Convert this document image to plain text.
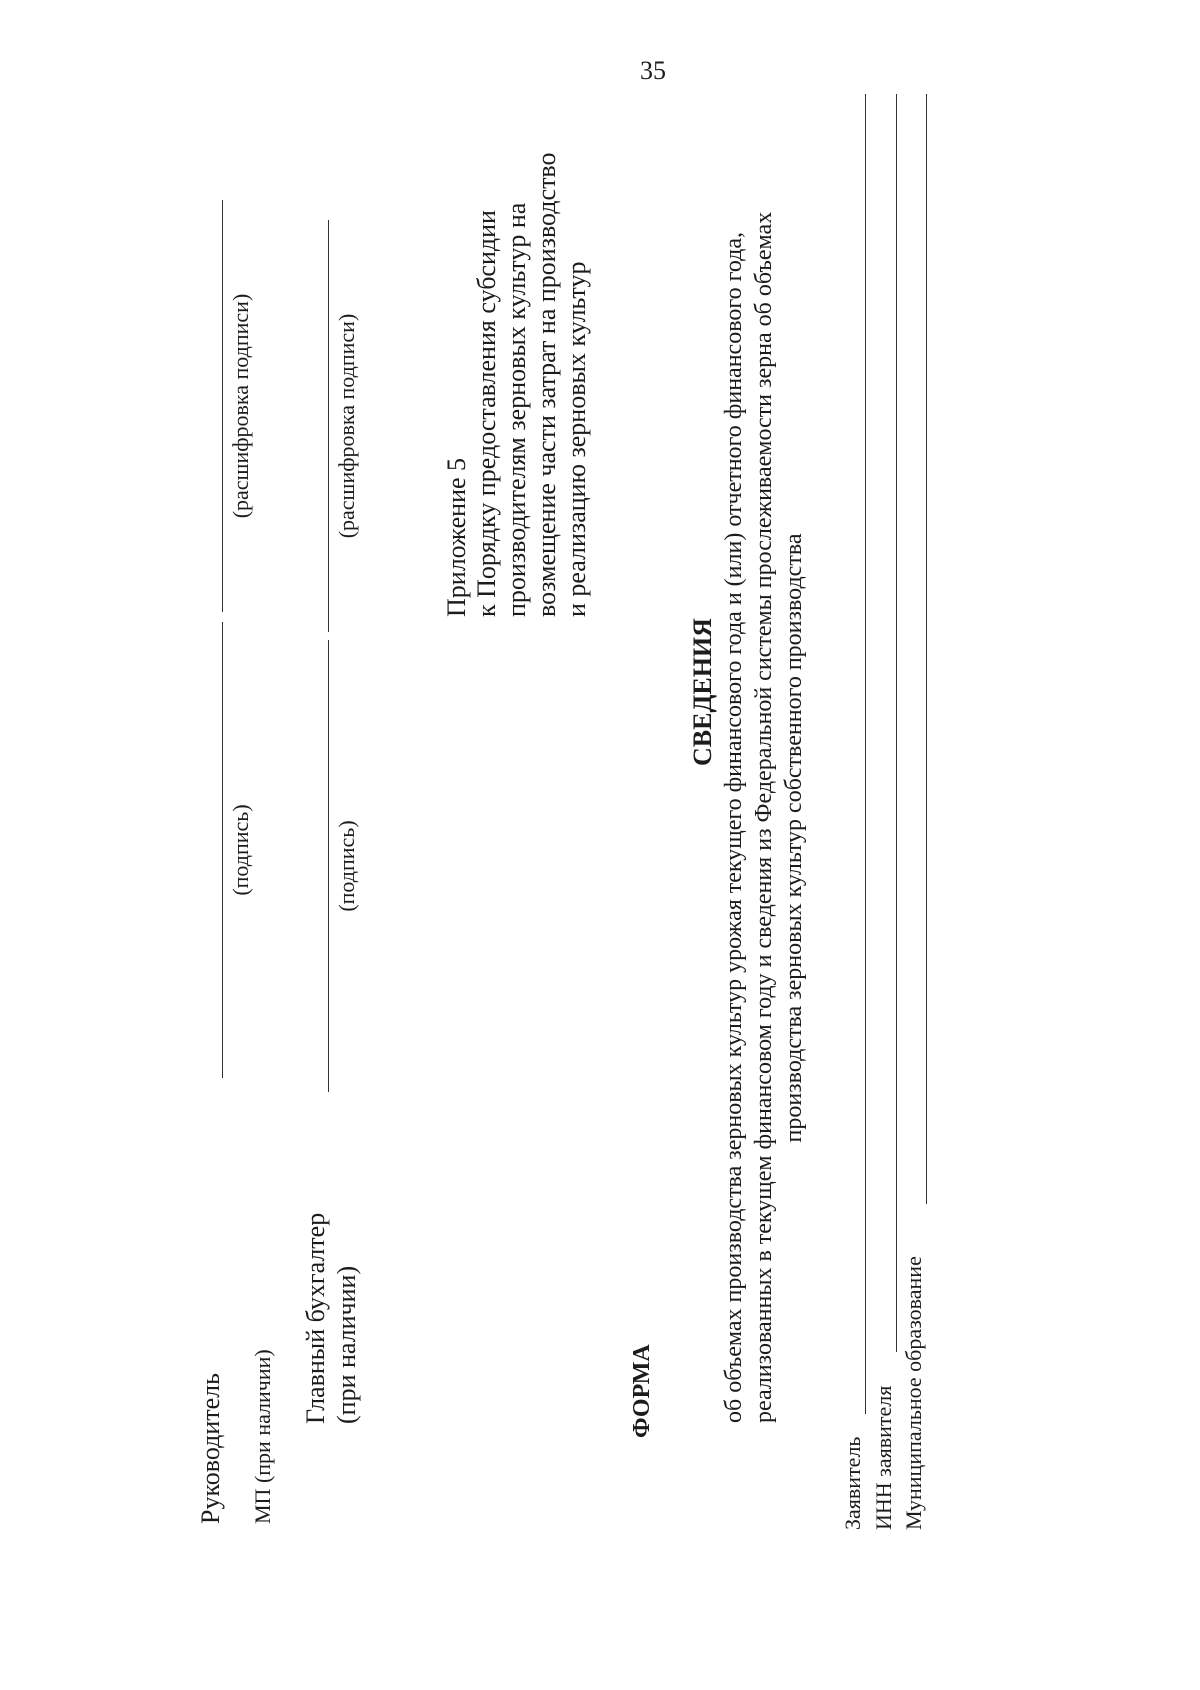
35
Руководитель
(подпись)
(расшифровка подписи)
МП (при наличии)
Главный бухгалтер (при наличии)
(подпись)
(расшифровка подписи)	Приложение 5 к Порядку предоставления субсидии производителям зерновых культур на возмещение части затрат на производство и реализацию зерновых культур
ФОРМА
СВЕДЕНИЯ об объемах производства зерновых культур урожая текущего финансового года и (или) отчетного финансового года, реализованных в текущем финансовом году и сведения из Федеральной системы прослеживаемости зерна об объемах производства зерновых культур собственного производства
Заявитель ИНН заявителя Муниципальное образование
